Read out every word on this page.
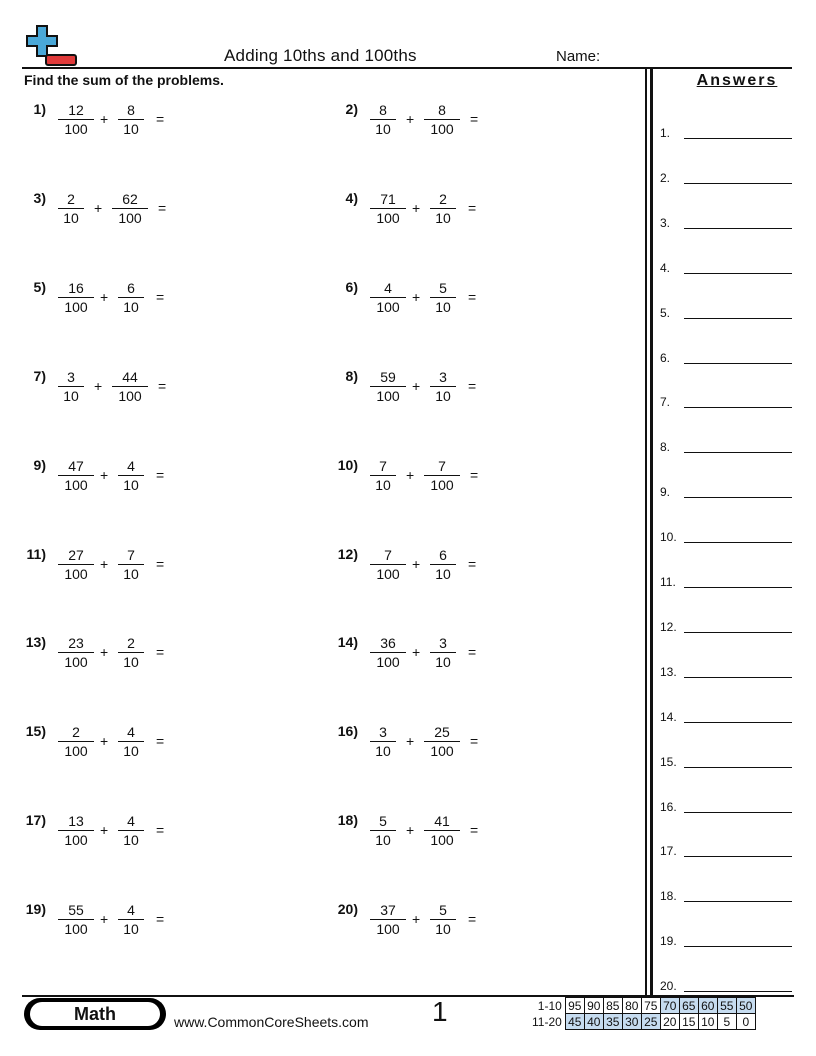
Adding 10ths and 100ths	Name:
Find the sum of the problems.
1)	12
100
+
8
10
=
2)	8
10
+
8
100
=
3)	2
10
+
62
100
=
4)	71
100
+
2
10
=
5)	16
100
+
6
10
=
6)	4
100
+
5
10
=
7)	3
10
+
44
100
=
8)	59
100
+
3
10
=
9)	47
100
+
4
10
=
10)	7
10
+
7
100
=
11)	27
100
+
7
10
=
12)	7
100
+
6
10
=
13)	23
100
+
2
10
=
14)	36
100
+
3
10
=
15)	2
100
+
4
10
=
16)	3
10
+
25
100
=
17)	13
100
+
4
10
=
18)	5
10
+
41
100
=
19)	55
100
+
4
10
=
20)	37
100
+
5
10
=
Answers
1.
2.
3.
4.
5.
6.
7.
8.
9.
10.
11.
12.
13.
14.
15.
16.
17.
18.
19.
20.
Math	www.CommonCoreSheets.com 1	1-10	95	90	85	80	75	70	65	60	55	50
11-20	45	40	35	30	25	20	15	10	5	0
